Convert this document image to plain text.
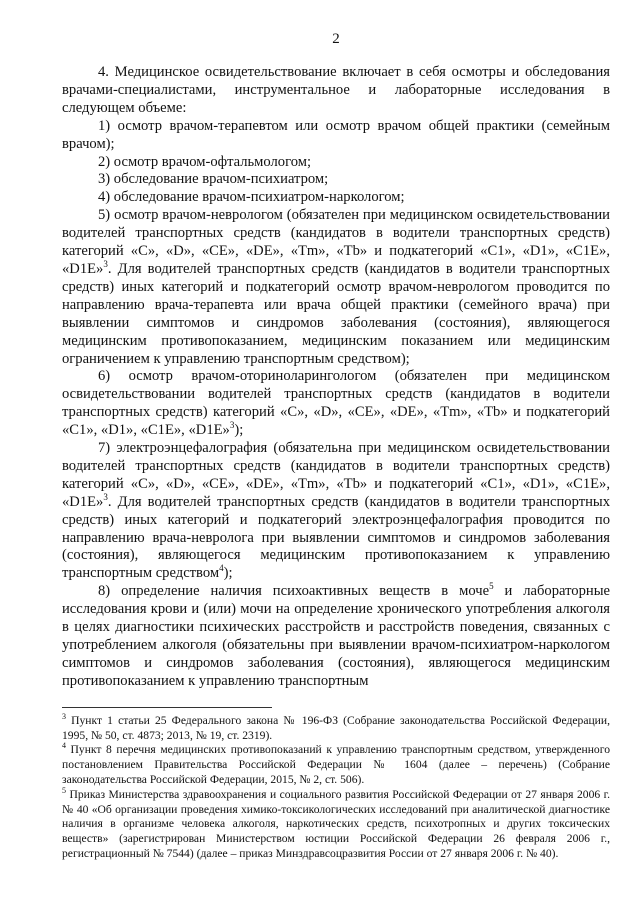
2

4. Медицинское освидетельствование включает в себя осмотры и обследования врачами-специалистами, инструментальное и лабораторные исследования в следующем объеме:

1) осмотр врачом-терапевтом или осмотр врачом общей практики (семейным врачом);

2) осмотр врачом-офтальмологом;

3) обследование врачом-психиатром;

4) обследование врачом-психиатром-наркологом;

5) осмотр врачом-неврологом (обязателен при медицинском освидетельствовании водителей транспортных средств (кандидатов в водители транспортных средств) категорий «C», «D», «CE», «DE», «Tm», «Tb» и подкатегорий «C1», «D1», «C1E», «D1E»$^3$. Для водителей транспортных средств (кандидатов в водители транспортных средств) иных категорий и подкатегорий осмотр врачом-неврологом проводится по направлению врача-терапевта или врача общей практики (семейного врача) при выявлении симптомов и синдромов заболевания (состояния), являющегося медицинским противопоказанием, медицинским показанием или медицинским ограничением к управлению транспортным средством);

6) осмотр врачом-оториноларингологом (обязателен при медицинском освидетельствовании водителей транспортных средств (кандидатов в водители транспортных средств) категорий «C», «D», «CE», «DE», «Tm», «Tb» и подкатегорий «C1», «D1», «C1E», «D1E»$^3$);

7) электроэнцефалография (обязательна при медицинском освидетельствовании водителей транспортных средств (кандидатов в водители транспортных средств) категорий «C», «D», «CE», «DE», «Tm», «Tb» и подкатегорий «C1», «D1», «C1E», «D1E»$^3$. Для водителей транспортных средств (кандидатов в водители транспортных средств) иных категорий и подкатегорий электроэнцефалография проводится по направлению врача-невролога при выявлении симптомов и синдромов заболевания (состояния), являющегося медицинским противопоказанием к управлению транспортным средством$^4$);

8) определение наличия психоактивных веществ в моче$^5$ и лабораторные исследования крови и (или) мочи на определение хронического употребления алкоголя в целях диагностики психических расстройств и расстройств поведения, связанных с употреблением алкоголя (обязательны при выявлении врачом-психиатром-наркологом симптомов и синдромов заболевания (состояния), являющегося медицинским противопоказанием к управлению транспортным

$^3$ Пункт 1 статьи 25 Федерального закона № 196-ФЗ (Собрание законодательства Российской Федерации, 1995, № 50, ст. 4873; 2013, № 19, ст. 2319).

$^4$ Пункт 8 перечня медицинских противопоказаний к управлению транспортным средством, утвержденного постановлением Правительства Российской Федерации № 1604 (далее – перечень) (Собрание законодательства Российской Федерации, 2015, № 2, ст. 506).

$^5$ Приказ Министерства здравоохранения и социального развития Российской Федерации от 27 января 2006 г. № 40 «Об организации проведения химико-токсикологических исследований при аналитической диагностике наличия в организме человека алкоголя, наркотических средств, психотропных и других токсических веществ» (зарегистрирован Министерством юстиции Российской Федерации 26 февраля 2006 г., регистрационный № 7544) (далее – приказ Минздравсоцразвития России от 27 января 2006 г. № 40).
